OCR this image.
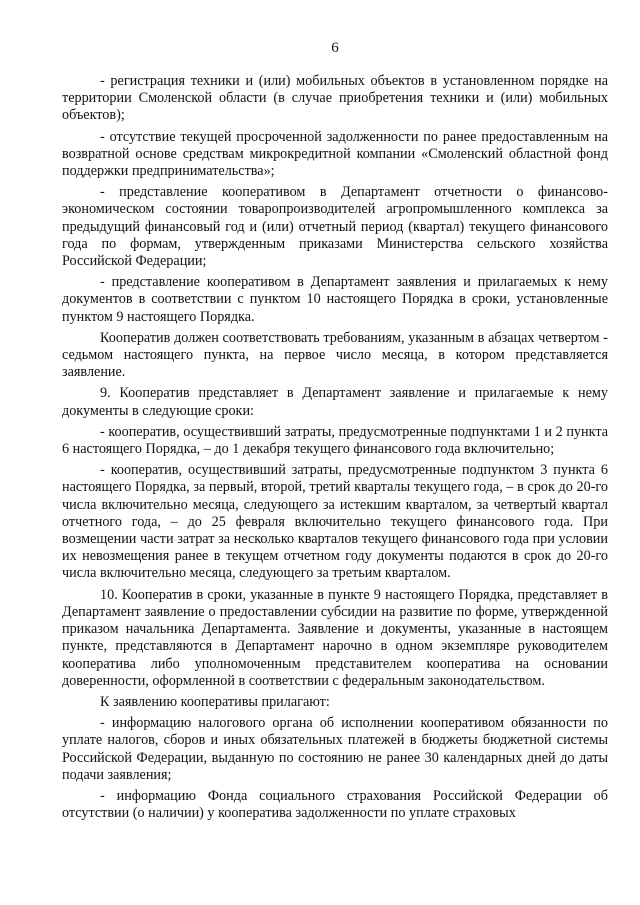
6

- регистрация техники и (или) мобильных объектов в установленном порядке на территории Смоленской области (в случае приобретения техники и (или) мобильных объектов);

- отсутствие текущей просроченной задолженности по ранее предоставленным на возвратной основе средствам микрокредитной компании «Смоленский областной фонд поддержки предпринимательства»;

- представление кооперативом в Департамент отчетности о финансово-экономическом состоянии товаропроизводителей агропромышленного комплекса за предыдущий финансовый год и (или) отчетный период (квартал) текущего финансового года по формам, утвержденным приказами Министерства сельского хозяйства Российской Федерации;

- представление кооперативом в Департамент заявления и прилагаемых к нему документов в соответствии с пунктом 10 настоящего Порядка в сроки, установленные пунктом 9 настоящего Порядка.

Кооператив должен соответствовать требованиям, указанным в абзацах четвертом - седьмом настоящего пункта, на первое число месяца, в котором представляется заявление.

9. Кооператив представляет в Департамент заявление и прилагаемые к нему документы в следующие сроки:

- кооператив, осуществивший затраты, предусмотренные подпунктами 1 и 2 пункта 6 настоящего Порядка, – до 1 декабря текущего финансового года включительно;

- кооператив, осуществивший затраты, предусмотренные подпунктом 3 пункта 6 настоящего Порядка, за первый, второй, третий кварталы текущего года, – в срок до 20-го числа включительно месяца, следующего за истекшим кварталом, за четвертый квартал отчетного года, – до 25 февраля включительно текущего финансового года. При возмещении части затрат за несколько кварталов текущего финансового года при условии их невозмещения ранее в текущем отчетном году документы подаются в срок до 20-го числа включительно месяца, следующего за третьим кварталом.

10. Кооператив в сроки, указанные в пункте 9 настоящего Порядка, представляет в Департамент заявление о предоставлении субсидии на развитие по форме, утвержденной приказом начальника Департамента. Заявление и документы, указанные в настоящем пункте, представляются в Департамент нарочно в одном экземпляре руководителем кооператива либо уполномоченным представителем кооператива на основании доверенности, оформленной в соответствии с федеральным законодательством.

К заявлению кооперативы прилагают:

- информацию налогового органа об исполнении кооперативом обязанности по уплате налогов, сборов и иных обязательных платежей в бюджеты бюджетной системы Российской Федерации, выданную по состоянию не ранее 30 календарных дней до даты подачи заявления;

- информацию Фонда социального страхования Российской Федерации об отсутствии (о наличии) у кооператива задолженности по уплате страховых
